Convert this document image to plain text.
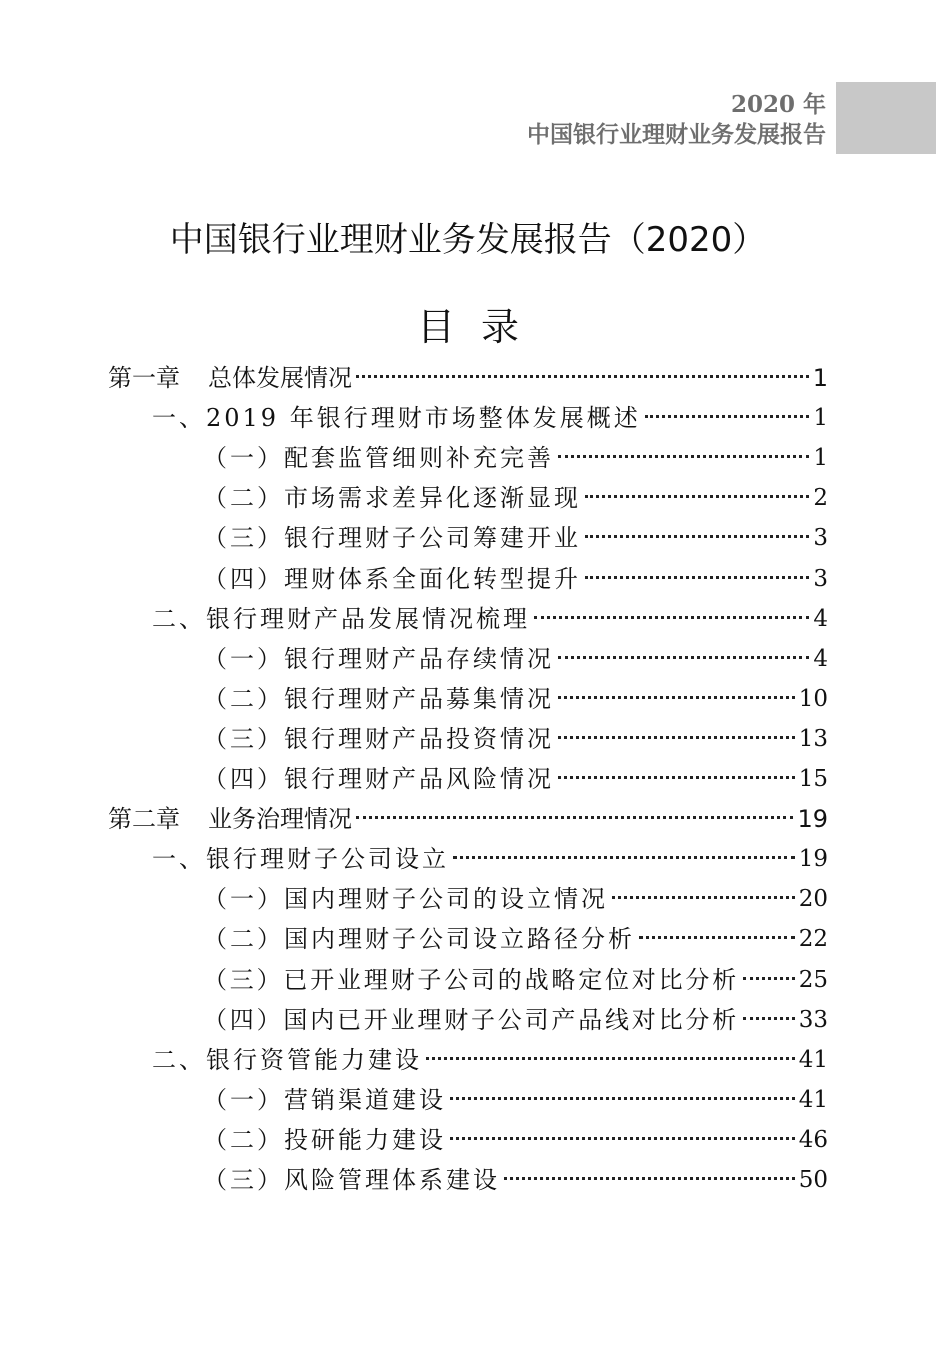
2020 年
中国银行业理财业务发展报告
中国银行业理财业务发展报告（2020）
目录
第一章 总体发展情况	1
一、2019 年银行理财市场整体发展概述	1
（一）配套监管细则补充完善	1
（二）市场需求差异化逐渐显现	2
（三）银行理财子公司筹建开业	3
（四）理财体系全面化转型提升	3
二、银行理财产品发展情况梳理	4
（一）银行理财产品存续情况	4
（二）银行理财产品募集情况	10
（三）银行理财产品投资情况	13
（四）银行理财产品风险情况	15
第二章 业务治理情况	19
一、银行理财子公司设立	19
（一）国内理财子公司的设立情况	20
（二）国内理财子公司设立路径分析	22
（三）已开业理财子公司的战略定位对比分析	25
（四）国内已开业理财子公司产品线对比分析	33
二、银行资管能力建设	41
（一）营销渠道建设	41
（二）投研能力建设	46
（三）风险管理体系建设	50
